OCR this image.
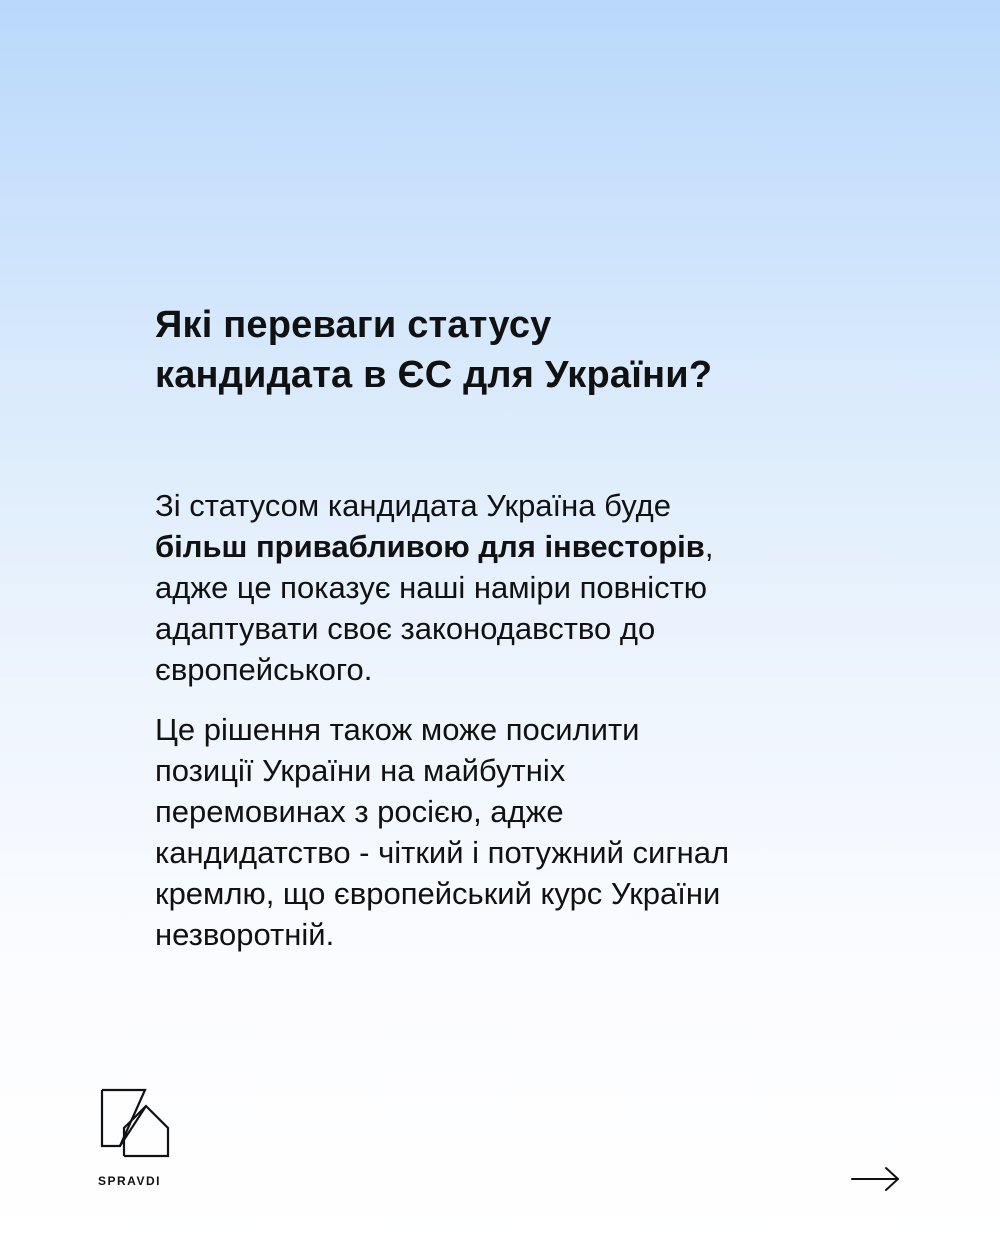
Які переваги статусу
кандидата в ЄС для України?

Зі статусом кандидата Україна буде
більш привабливою для інвесторів,
адже це показує наші наміри повністю
адаптувати своє законодавство до
європейського.

Це рішення також може посилити
позиції України на майбутніх
перемовинах з росією, адже
кандидатство - чіткий і потужний сигнал
кремлю, що європейський курс України
незворотній.

SPRAVDI
